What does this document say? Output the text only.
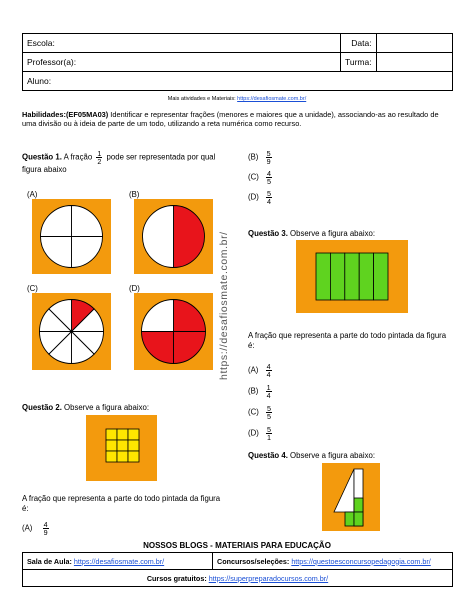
Escola:	Data:	
Professor(a):	Turma:	
Aluno:		
Mais atividades e Materiais: https://desafiosmate.com.br/
Habilidades:(EF05MA03) Identificar e representar frações (menores e maiores que a unidade), associando-as ao resultado de uma divisão ou à ideia de parte de um todo, utilizando a reta numérica como recurso.
https://desafiosmate.com.br/
Questão 1. A fração $\frac{1}{2}$ pode ser representada por qual figura abaixo
(A)	(B)
(C)	(D)
Questão 2. Observe a figura abaixo:
A fração que representa a parte do todo pintada da figura é:
$(A) \frac{4}{9}$
$(B) \frac{5}{9}$
$(C) \frac{4}{5}$
$(D) \frac{5}{4}$
Questão 3. Observe a figura abaixo:
A fração que representa a parte do todo pintada da figura é:
$(A) \frac{4}{4}$
$(B) \frac{1}{4}$
$(C) \frac{5}{5}$
$(D) \frac{5}{1}$
Questão 4. Observe a figura abaixo:
NOSSOS BLOGS - MATERIAIS PARA EDUCAÇÃO
Sala de Aula: https://desafiosmate.com.br/	Concursos/seleções: https://questoesconcursopedagogia.com.br/
Cursos gratuitos: https://superpreparadocursos.com.br/
